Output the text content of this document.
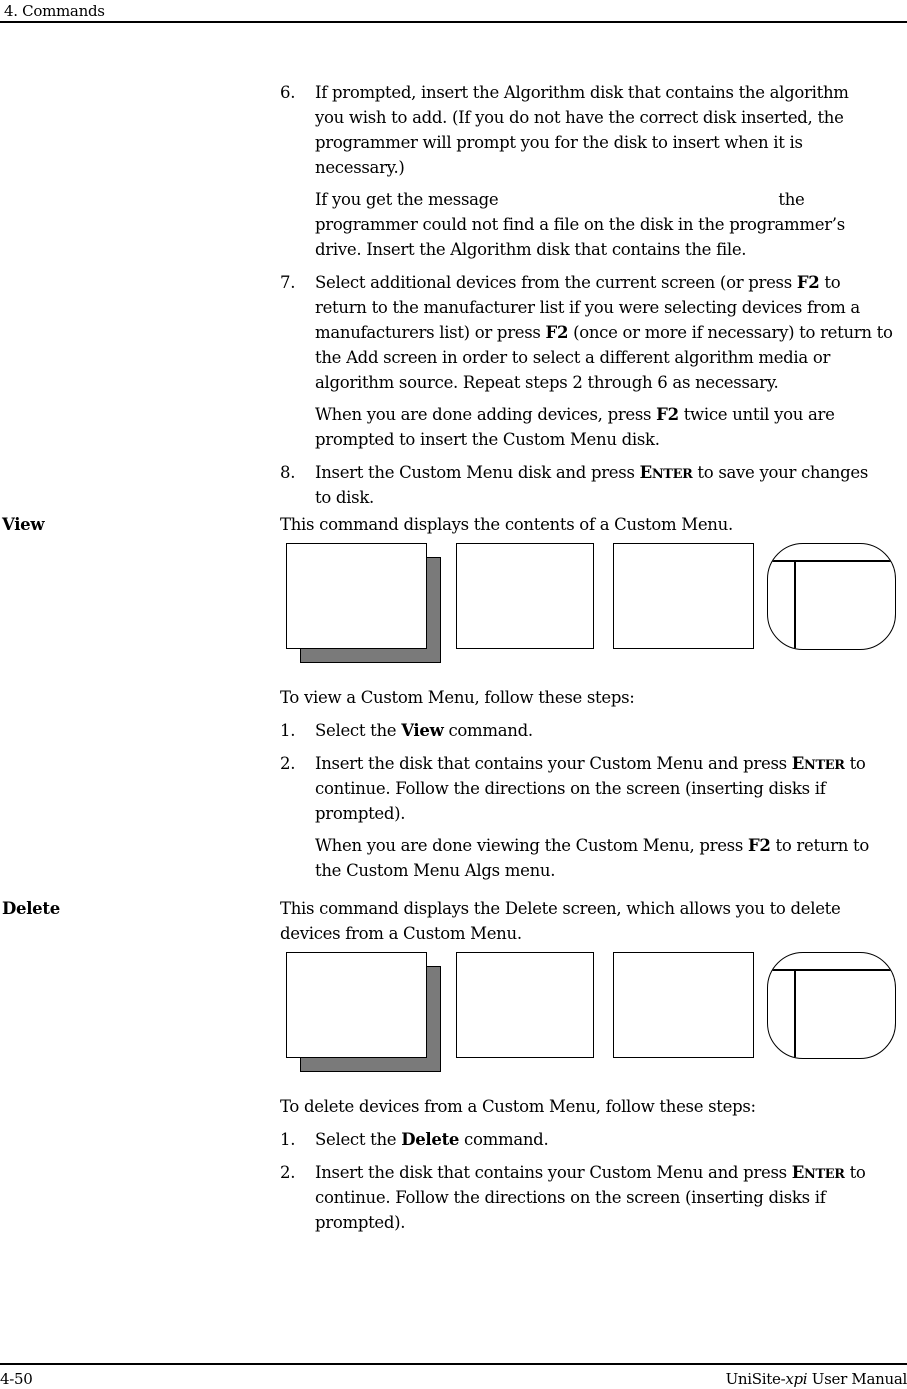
4. Commands
6.	If prompted, insert the Algorithm disk that contains the algorithm
you wish to add. (If you do not have the correct disk inserted, the
programmer will prompt you for the disk to insert when it is
necessary.)
If you get the message	the
programmer could not find a file on the disk in the programmer’s
drive. Insert the Algorithm disk that contains the file.
7.	Select additional devices from the current screen (or press F2 to
return to the manufacturer list if you were selecting devices from a
manufacturers list) or press F2 (once or more if necessary) to return to
the Add screen in order to select a different algorithm media or
algorithm source. Repeat steps 2 through 6 as necessary.
When you are done adding devices, press F2 twice until you are
prompted to insert the Custom Menu disk.
8.	Insert the Custom Menu disk and press ENTER to save your changes
to disk.
View	This command displays the contents of a Custom Menu.
To view a Custom Menu, follow these steps:
1.	Select the View command.
2.	Insert the disk that contains your Custom Menu and press ENTER to
continue. Follow the directions on the screen (inserting disks if
prompted).
When you are done viewing the Custom Menu, press F2 to return to
the Custom Menu Algs menu.
Delete	This command displays the Delete screen, which allows you to delete
devices from a Custom Menu.
To delete devices from a Custom Menu, follow these steps:
1.	Select the Delete command.
2.	Insert the disk that contains your Custom Menu and press ENTER to
continue. Follow the directions on the screen (inserting disks if
prompted).
4-50	UniSite-xpi User Manual
